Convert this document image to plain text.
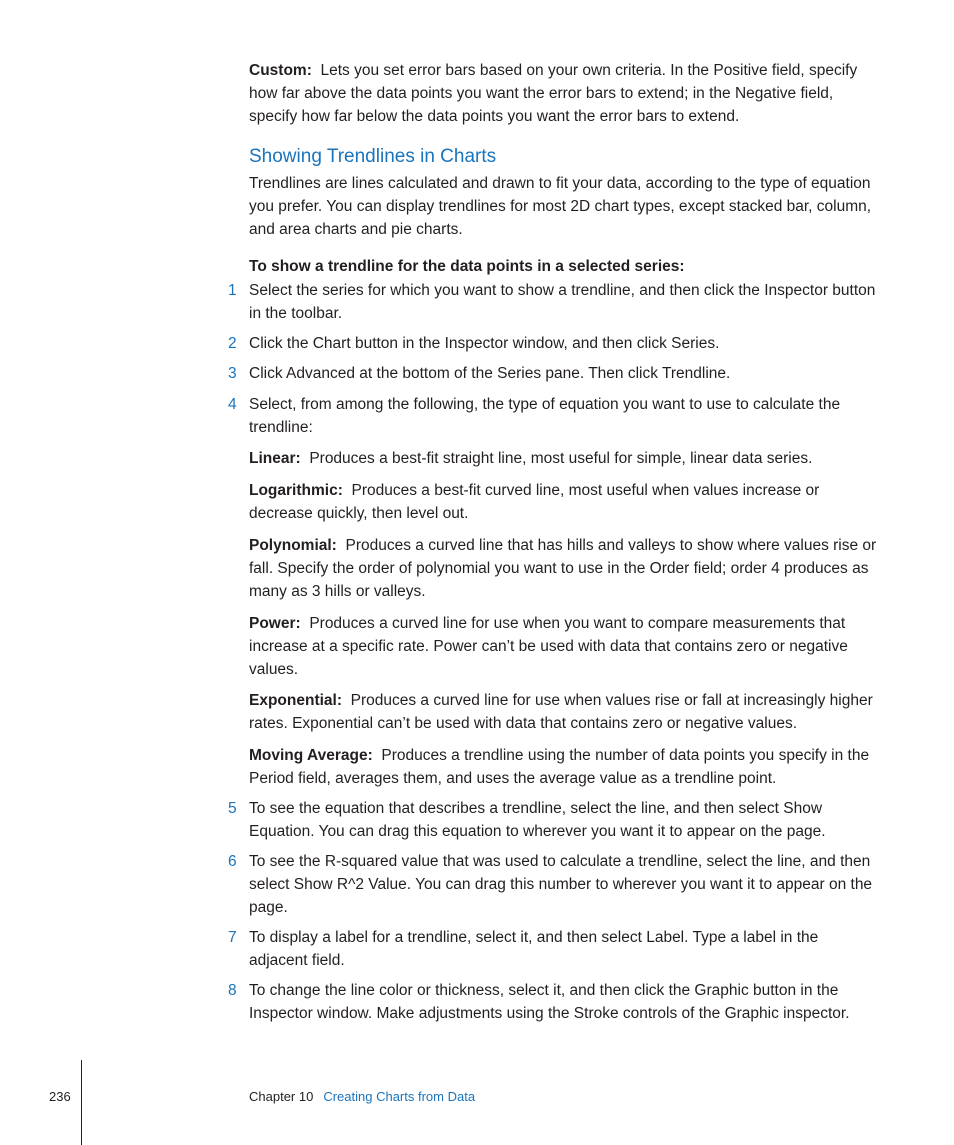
Custom: Lets you set error bars based on your own criteria. In the Positive field, specify how far above the data points you want the error bars to extend; in the Negative field, specify how far below the data points you want the error bars to extend.
Showing Trendlines in Charts
Trendlines are lines calculated and drawn to fit your data, according to the type of equation you prefer. You can display trendlines for most 2D chart types, except stacked bar, column, and area charts and pie charts.
To show a trendline for the data points in a selected series:
1 Select the series for which you want to show a trendline, and then click the Inspector button in the toolbar.
2 Click the Chart button in the Inspector window, and then click Series.
3 Click Advanced at the bottom of the Series pane. Then click Trendline.
4 Select, from among the following, the type of equation you want to use to calculate the trendline:
Linear: Produces a best-fit straight line, most useful for simple, linear data series.
Logarithmic: Produces a best-fit curved line, most useful when values increase or decrease quickly, then level out.
Polynomial: Produces a curved line that has hills and valleys to show where values rise or fall. Specify the order of polynomial you want to use in the Order field; order 4 produces as many as 3 hills or valleys.
Power: Produces a curved line for use when you want to compare measurements that increase at a specific rate. Power can’t be used with data that contains zero or negative values.
Exponential: Produces a curved line for use when values rise or fall at increasingly higher rates. Exponential can’t be used with data that contains zero or negative values.
Moving Average: Produces a trendline using the number of data points you specify in the Period field, averages them, and uses the average value as a trendline point.
5 To see the equation that describes a trendline, select the line, and then select Show Equation. You can drag this equation to wherever you want it to appear on the page.
6 To see the R-squared value that was used to calculate a trendline, select the line, and then select Show R^2 Value. You can drag this number to wherever you want it to appear on the page.
7 To display a label for a trendline, select it, and then select Label. Type a label in the adjacent field.
8 To change the line color or thickness, select it, and then click the Graphic button in the Inspector window. Make adjustments using the Stroke controls of the Graphic inspector.
236	Chapter 10 Creating Charts from Data
